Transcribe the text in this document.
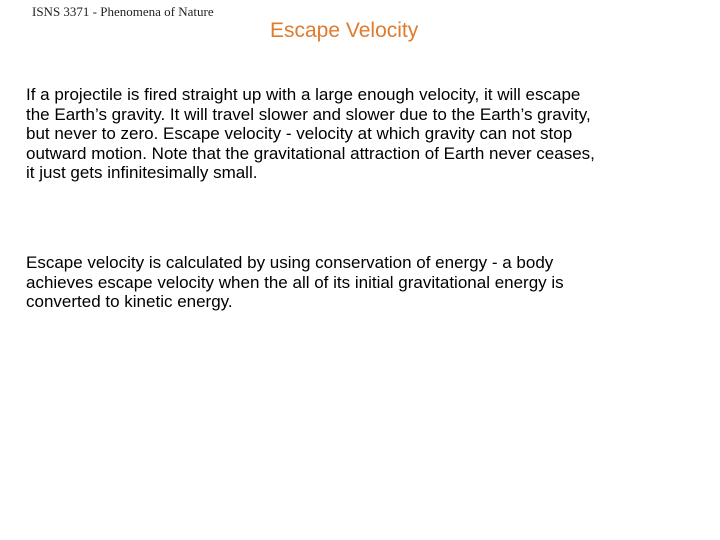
ISNS 3371 - Phenomena of Nature
Escape Velocity
If a projectile is fired straight up with a large enough velocity, it will escape
the Earth’s gravity. It will travel slower and slower due to the Earth’s gravity,
but never to zero. Escape velocity - velocity at which gravity can not stop
outward motion. Note that the gravitational attraction of Earth never ceases,
it just gets infinitesimally small.
Escape velocity is calculated by using conservation of energy - a body
achieves escape velocity when the all of its initial gravitational energy is
converted to kinetic energy.
